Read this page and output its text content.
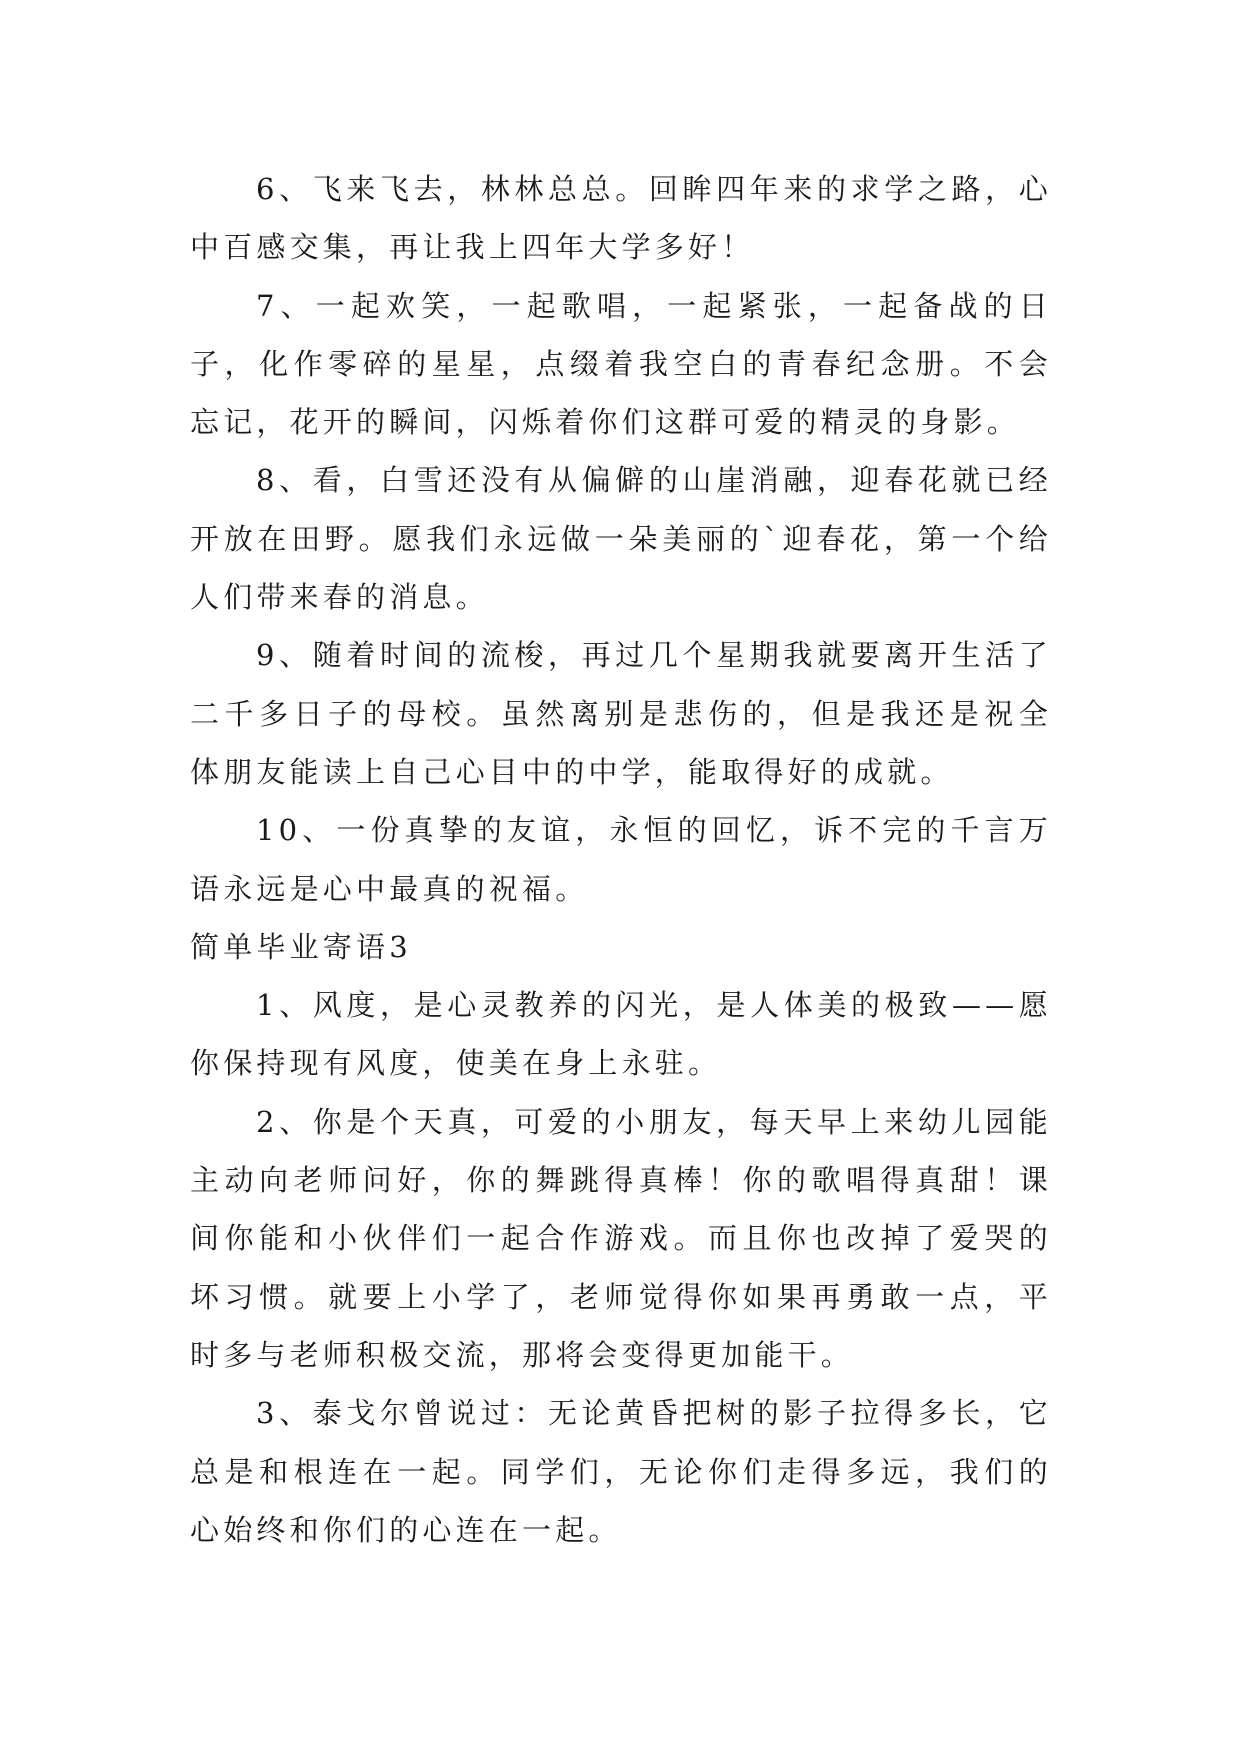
6、飞来飞去，林林总总。回眸四年来的求学之路，心中百感交集，再让我上四年大学多好！

7、一起欢笑，一起歌唱，一起紧张，一起备战的日子，化作零碎的星星，点缀着我空白的青春纪念册。不会忘记，花开的瞬间，闪烁着你们这群可爱的精灵的身影。

8、看，白雪还没有从偏僻的山崖消融，迎春花就已经开放在田野。愿我们永远做一朵美丽的`迎春花，第一个给人们带来春的消息。

9、随着时间的流梭，再过几个星期我就要离开生活了二千多日子的母校。虽然离别是悲伤的，但是我还是祝全体朋友能读上自己心目中的中学，能取得好的成就。

10、一份真挚的友谊，永恒的回忆，诉不完的千言万语永远是心中最真的祝福。

简单毕业寄语3

1、风度，是心灵教养的闪光，是人体美的极致——愿你保持现有风度，使美在身上永驻。

2、你是个天真，可爱的小朋友，每天早上来幼儿园能主动向老师问好，你的舞跳得真棒！你的歌唱得真甜！课间你能和小伙伴们一起合作游戏。而且你也改掉了爱哭的坏习惯。就要上小学了，老师觉得你如果再勇敢一点，平时多与老师积极交流，那将会变得更加能干。

3、泰戈尔曾说过：无论黄昏把树的影子拉得多长，它总是和根连在一起。同学们，无论你们走得多远，我们的心始终和你们的心连在一起。
